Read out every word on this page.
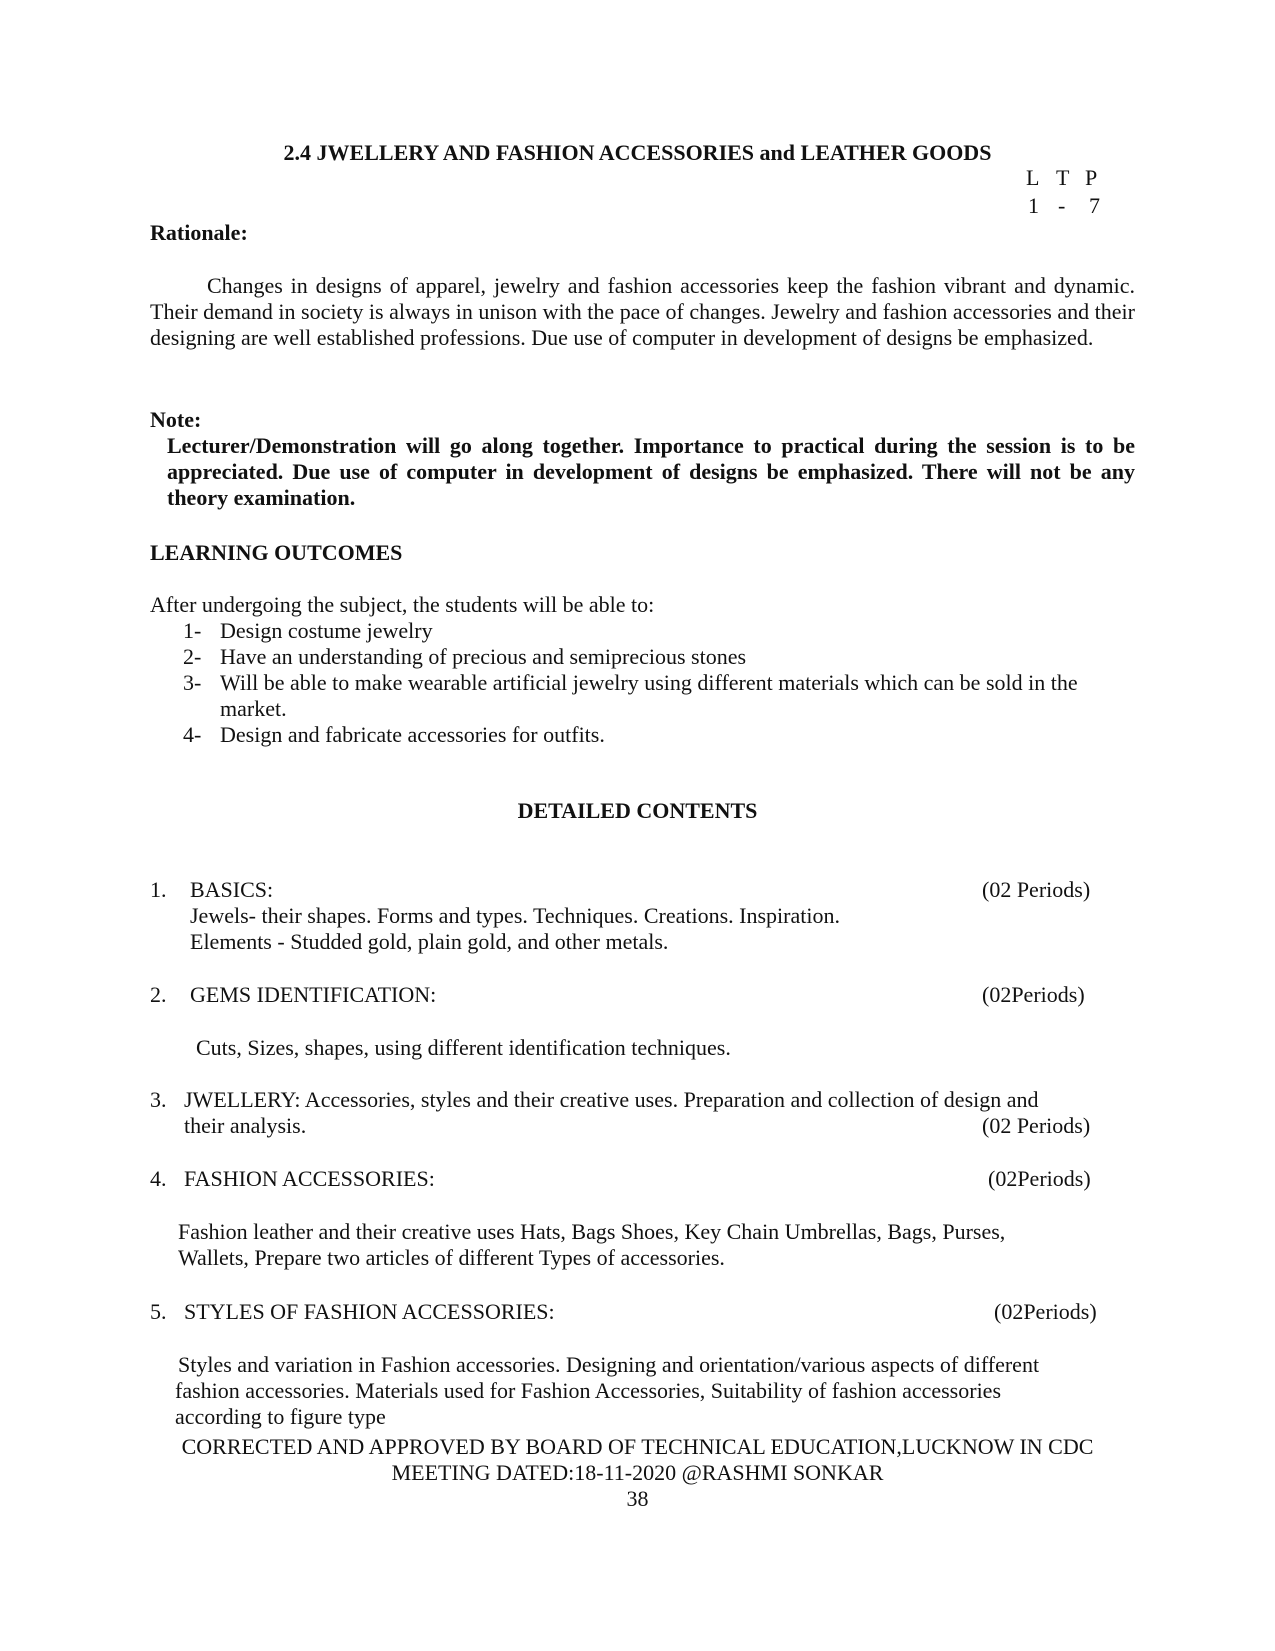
2.4 JWELLERY AND FASHION ACCESSORIES and LEATHER GOODS
L T P
1 - 7
Rationale:
Changes in designs of apparel, jewelry and fashion accessories keep the fashion vibrant and dynamic. Their demand in society is always in unison with the pace of changes. Jewelry and fashion accessories and their designing are well established professions. Due use of computer in development of designs be emphasized.
Note:
Lecturer/Demonstration will go along together. Importance to practical during the session is to be appreciated. Due use of computer in development of designs be emphasized. There will not be any theory examination.
LEARNING OUTCOMES
After undergoing the subject, the students will be able to:
1- Design costume jewelry
2- Have an understanding of precious and semiprecious stones
3- Will be able to make wearable artificial jewelry using different materials which can be sold in the market.
4- Design and fabricate accessories for outfits.
DETAILED CONTENTS
1. BASICS:	(02 Periods)
Jewels- their shapes. Forms and types. Techniques. Creations. Inspiration.
Elements - Studded gold, plain gold, and other metals.
2. GEMS IDENTIFICATION:	(02Periods)
Cuts, Sizes, shapes, using different identification techniques.
3. JWELLERY: Accessories, styles and their creative uses. Preparation and collection of design and
their analysis.	(02 Periods)
4. FASHION ACCESSORIES:	(02Periods)
Fashion leather and their creative uses Hats, Bags Shoes, Key Chain Umbrellas, Bags, Purses,
Wallets, Prepare two articles of different Types of accessories.
5. STYLES OF FASHION ACCESSORIES:	(02Periods)
Styles and variation in Fashion accessories. Designing and orientation/various aspects of different
fashion accessories. Materials used for Fashion Accessories, Suitability of fashion accessories
according to figure type
CORRECTED AND APPROVED BY BOARD OF TECHNICAL EDUCATION,LUCKNOW IN CDC
MEETING DATED:18-11-2020 @RASHMI SONKAR
38
